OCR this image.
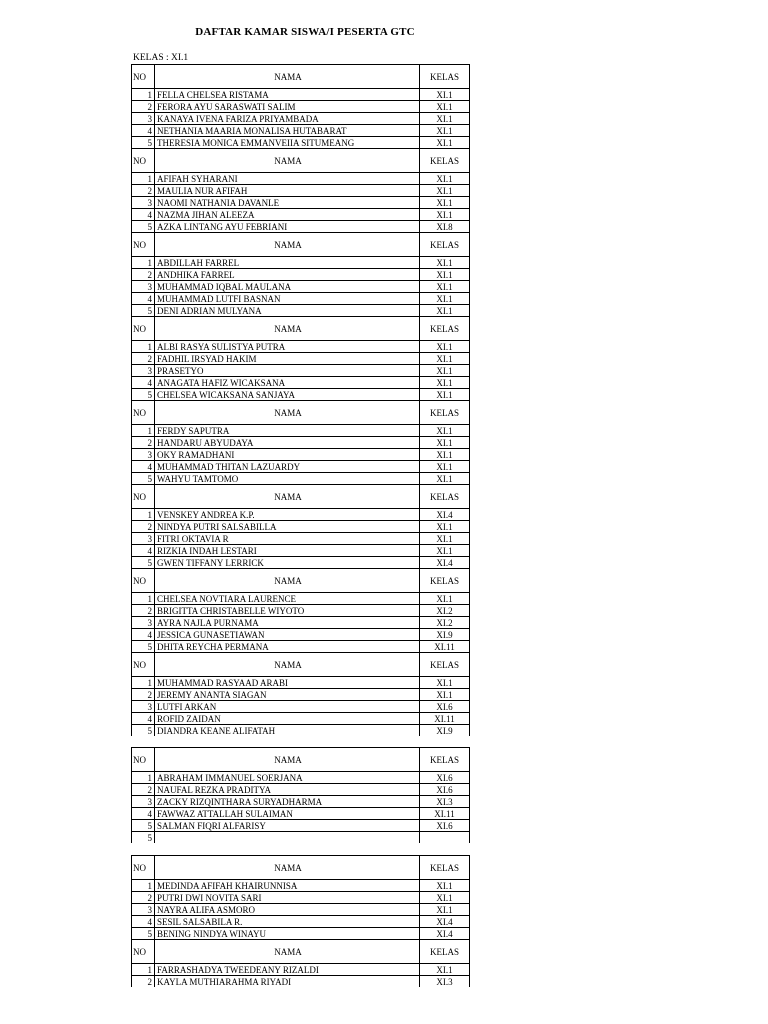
DAFTAR KAMAR SISWA/I PESERTA GTC
KELAS : XI.1
NO	NAMA	KELAS
1	FELLA CHELSEA RISTAMA	XI.1
2	FERORA AYU SARASWATI SALIM	XI.1
3	KANAYA IVENA FARIZA PRIYAMBADA	XI.1
4	NETHANIA MAARIA MONALISA HUTABARAT	XI.1
5	THERESIA MONICA EMMANVEIIA SITUMEANG	XI.1
NO	NAMA	KELAS
1	AFIFAH SYHARANI	XI.1
2	MAULIA NUR AFIFAH	XI.1
3	NAOMI NATHANIA DAVANLE	XI.1
4	NAZMA JIHAN ALEEZA	XI.1
5	AZKA LINTANG AYU FEBRIANI	XI.8
NO	NAMA	KELAS
1	ABDILLAH FARREL	XI.1
2	ANDHIKA FARREL	XI.1
3	MUHAMMAD IQBAL MAULANA	XI.1
4	MUHAMMAD LUTFI BASNAN	XI.1
5	DENI ADRIAN MULYANA	XI.1
NO	NAMA	KELAS
1	ALBI RASYA SULISTYA PUTRA	XI.1
2	FADHIL IRSYAD HAKIM	XI.1
3	PRASETYO	XI.1
4	ANAGATA HAFIZ WICAKSANA	XI.1
5	CHELSEA WICAKSANA SANJAYA	XI.1
NO	NAMA	KELAS
1	FERDY SAPUTRA	XI.1
2	HANDARU ABYUDAYA	XI.1
3	OKY RAMADHANI	XI.1
4	MUHAMMAD THITAN LAZUARDY	XI.1
5	WAHYU TAMTOMO	XI.1
NO	NAMA	KELAS
1	VENSKEY ANDREA K.P.	XI.4
2	NINDYA PUTRI SALSABILLA	XI.1
3	FITRI OKTAVIA R	XI.1
4	RIZKIA INDAH LESTARI	XI.1
5	GWEN TIFFANY LERRICK	XI.4
NO	NAMA	KELAS
1	CHELSEA NOVTIARA LAURENCE	XI.1
2	BRIGITTA CHRISTABELLE WIYOTO	XI.2
3	AYRA NAJLA PURNAMA	XI.2
4	JESSICA GUNASETIAWAN	XI.9
5	DHITA REYCHA PERMANA	XI.11
NO	NAMA	KELAS
1	MUHAMMAD RASYAAD ARABI	XI.1
2	JEREMY ANANTA SIAGAN	XI.1
3	LUTFI ARKAN	XI.6
4	ROFID ZAIDAN	XI.11
5	DIANDRA KEANE ALIFATAH	XI.9
NO	NAMA	KELAS
1	ABRAHAM IMMANUEL SOERJANA	XI.6
2	NAUFAL REZKA PRADITYA	XI.6
3	ZACKY RIZQINTHARA SURYADHARMA	XI.3
4	FAWWAZ ATTALLAH SULAIMAN	XI.11
5	SALMAN FIQRI ALFARISY	XI.6
5		
NO	NAMA	KELAS
1	MEDINDA AFIFAH KHAIRUNNISA	XI.1
2	PUTRI DWI NOVITA SARI	XI.1
3	NAYRA ALIFA ASMORO	XI.1
4	SESIL SALSABILA R.	XI.4
5	BENING NINDYA WINAYU	XI.4
NO	NAMA	KELAS
1	FARRASHADYA TWEEDEANY RIZALDI	XI.1
2	KAYLA MUTHIARAHMA RIYADI	XI.3
